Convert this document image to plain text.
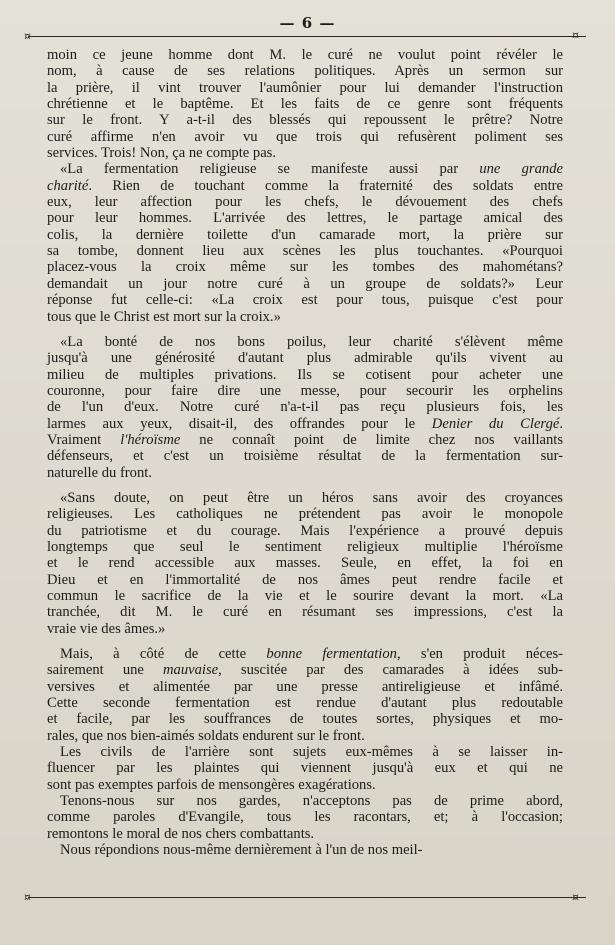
— 6 —
¤	¤
moin ce jeune homme dont M. le curé ne voulut point révéler le
nom, à cause de ses relations politiques. Après un sermon sur
la prière, il vint trouver l'aumônier pour lui demander l'instruction
chrétienne et le baptême. Et les faits de ce genre sont fréquents
sur le front. Y a-t-il des blessés qui repoussent le prêtre? Notre
curé affirme n'en avoir vu que trois qui refusèrent poliment ses
services. Trois! Non, ça ne compte pas.
«La fermentation religieuse se manifeste aussi par une grande
charité. Rien de touchant comme la fraternité des soldats entre
eux, leur affection pour les chefs, le dévouement des chefs
pour leur hommes. L'arrivée des lettres, le partage amical des
colis, la dernière toilette d'un camarade mort, la prière sur
sa tombe, donnent lieu aux scènes les plus touchantes. «Pourquoi
placez-vous la croix même sur les tombes des mahométans?
demandait un jour notre curé à un groupe de soldats?» Leur
réponse fut celle-ci: «La croix est pour tous, puisque c'est pour
tous que le Christ est mort sur la croix.»
«La bonté de nos bons poilus, leur charité s'élèvent même
jusqu'à une générosité d'autant plus admirable qu'ils vivent au
milieu de multiples privations. Ils se cotisent pour acheter une
couronne, pour faire dire une messe, pour secourir les orphelins
de l'un d'eux. Notre curé n'a-t-il pas reçu plusieurs fois, les
larmes aux yeux, disait-il, des offrandes pour le Denier du Clergé.
Vraiment l'héroïsme ne connaît point de limite chez nos vaillants
défenseurs, et c'est un troisième résultat de la fermentation sur-
naturelle du front.
«Sans doute, on peut être un héros sans avoir des croyances
religieuses. Les catholiques ne prétendent pas avoir le monopole
du patriotisme et du courage. Mais l'expérience a prouvé depuis
longtemps que seul le sentiment religieux multiplie l'héroïsme
et le rend accessible aux masses. Seule, en effet, la foi en
Dieu et en l'immortalité de nos âmes peut rendre facile et
commun le sacrifice de la vie et le sourire devant la mort. «La
tranchée, dit M. le curé en résumant ses impressions, c'est la
vraie vie des âmes.»
Mais, à côté de cette bonne fermentation, s'en produit néces-
sairement une mauvaise, suscitée par des camarades à idées sub-
versives et alimentée par une presse antireligieuse et infâmé.
Cette seconde fermentation est rendue d'autant plus redoutable
et facile, par les souffrances de toutes sortes, physiques et mo-
rales, que nos bien-aimés soldats endurent sur le front.
Les civils de l'arrière sont sujets eux-mêmes à se laisser in-
fluencer par les plaintes qui viennent jusqu'à eux et qui ne
sont pas exemptes parfois de mensongères exagérations.
Tenons-nous sur nos gardes, n'acceptons pas de prime abord,
comme paroles d'Evangile, tous les racontars, et; à l'occasion;
remontons le moral de nos chers combattants.
Nous répondions nous-même dernièrement à l'un de nos meil-
¤	¤
